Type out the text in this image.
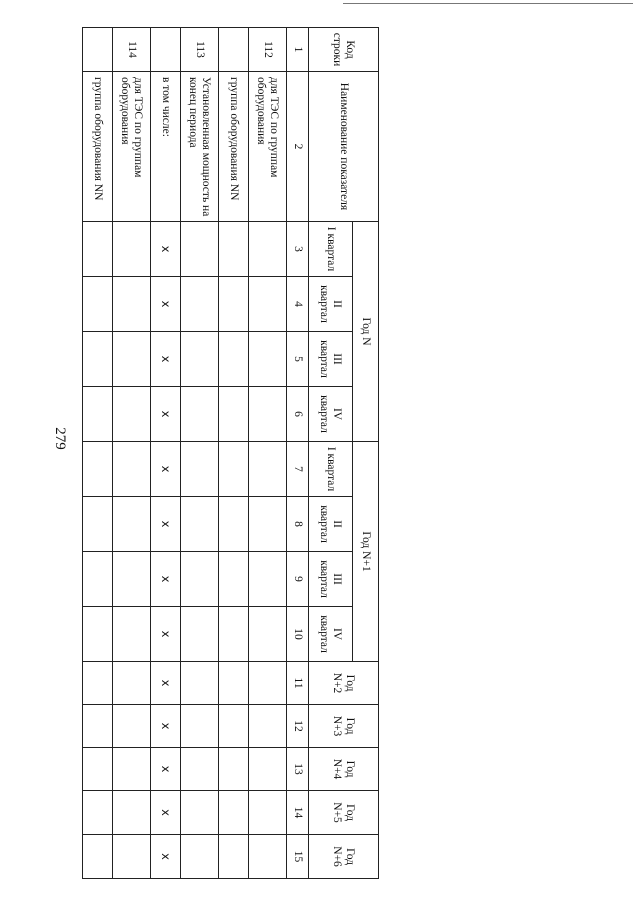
279
Код строки	Наименование показателя	Год N				Год N+1				Год N+2	Год N+3	Год N+4	Год N+5	Год N+6
		I квартал	II квартал	III квартал	IV квартал	I квартал	II квартал	III квартал	IV квартал					
1	2	3	4	5	6	7	8	9	10	11	12	13	14	15
112	для ТЭС по группам оборудования													
	группа оборудования NN													
113	Установленная мощность на конец периода													
	в том числе:	x	x	x	x	x	x	x	x	x	x	x	x	x
114	для ТЭС по группам оборудования													
	группа оборудования NN													
